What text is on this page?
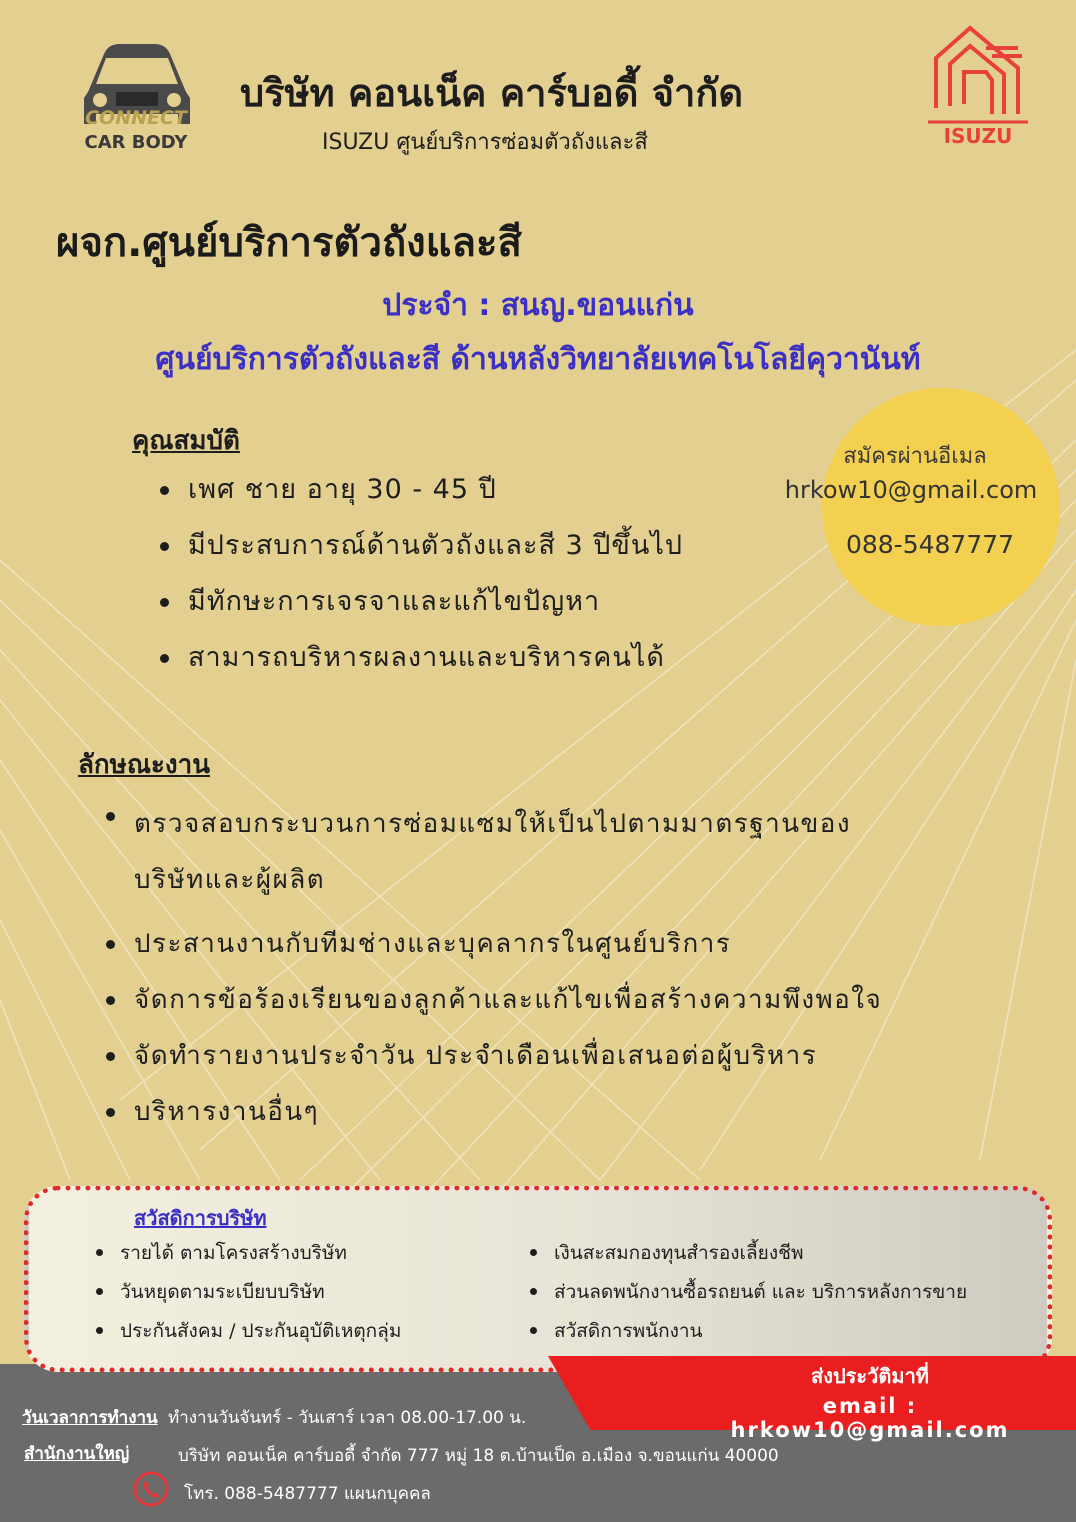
CONNECT
CAR BODY	ISUZU
บริษัท คอนเน็ค คาร์บอดี้ จำกัด
ISUZU ศูนย์บริการซ่อมตัวถังและสี
ผจก.ศูนย์บริการตัวถังและสี
ประจำ : สนญ.ขอนแก่น
ศูนย์บริการตัวถังและสี ด้านหลังวิทยาลัยเทคโนโลยีคุวานันท์
สมัครผ่านอีเมล
hrkow10@gmail.com
088-5487777
คุณสมบัติ
เพศ ชาย อายุ 30 - 45 ปี
มีประสบการณ์ด้านตัวถังและสี 3 ปีขึ้นไป
มีทักษะการเจรจาและแก้ไขปัญหา
สามารถบริหารผลงานและบริหารคนได้
ลักษณะงาน
ตรวจสอบกระบวนการซ่อมแซมให้เป็นไปตามมาตรฐานของ
บริษัทและผู้ผลิต
ประสานงานกับทีมช่างและบุคลากรในศูนย์บริการ
จัดการข้อร้องเรียนของลูกค้าและแก้ไขเพื่อสร้างความพึงพอใจ
จัดทำรายงานประจำวัน ประจำเดือนเพื่อเสนอต่อผู้บริหาร
บริหารงานอื่นๆ
สวัสดิการบริษัท
รายได้ ตามโครงสร้างบริษัท
วันหยุดตามระเบียบบริษัท
ประกันสังคม / ประกันอุบัติเหตุกลุ่ม
เงินสะสมกองทุนสำรองเลี้ยงชีพ
ส่วนลดพนักงานซื้อรถยนต์ และ บริการหลังการขาย
สวัสดิการพนักงาน
ส่งประวัติมาที่
email : hrkow10@gmail.com
วันเวลาการทำงาน ทำงานวันจันทร์ - วันเสาร์ เวลา 08.00-17.00 น.
สำนักงานใหญ่	บริษัท คอนเน็ค คาร์บอดี้ จำกัด 777 หมู่ 18 ต.บ้านเป็ด อ.เมือง จ.ขอนแก่น 40000
โทร. 088-5487777 แผนกบุคคล
